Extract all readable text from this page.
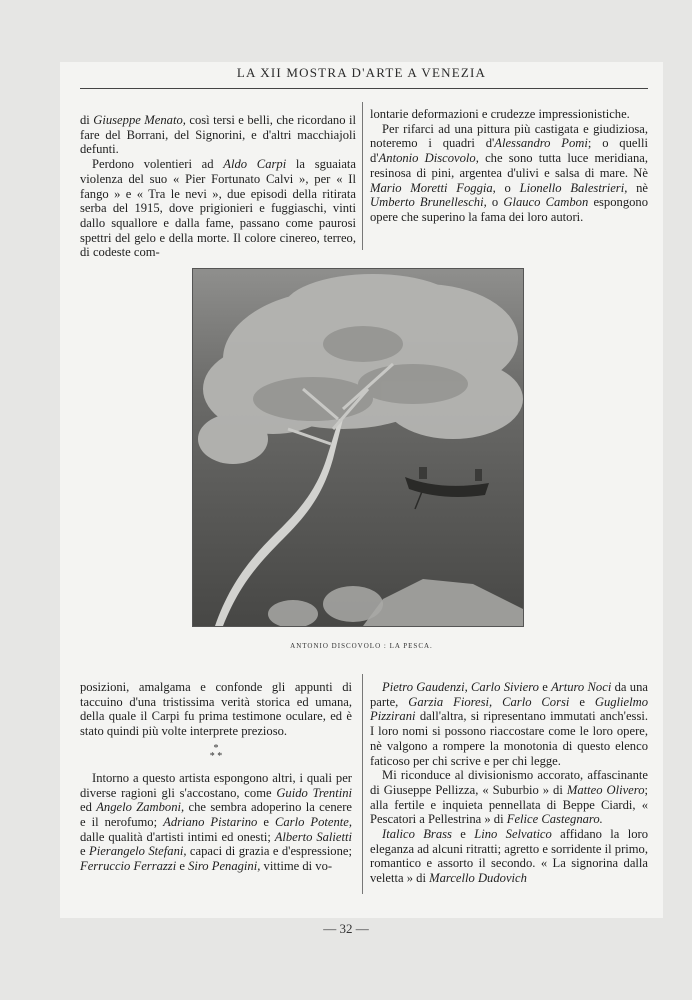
LA XII MOSTRA D'ARTE A VENEZIA

di Giuseppe Menato, così tersi e belli, che ricordano il fare del Borrani, del Signorini, e d'altri macchiajoli defunti.

Perdono volentieri ad Aldo Carpi la sguaiata violenza del suo « Pier Fortunato Calvi », per « Il fango » e « Tra le nevi », due episodi della ritirata serba del 1915, dove prigionieri e fuggiaschi, vinti dallo squallore e dalla fame, passano come paurosi spettri del gelo e della morte. Il colore cinereo, terreo, di codeste com-

lontarie deformazioni e crudezze impressionistiche.

Per rifarci ad una pittura più castigata e giudiziosa, noteremo i quadri d'Alessandro Pomi; o quelli d'Antonio Discovolo, che sono tutta luce meridiana, resinosa di pini, argentea d'ulivi e salsa di mare. Nè Mario Moretti Foggia, o Lionello Balestrieri, nè Umberto Brunelleschi, o Glauco Cambon espongono opere che superino la fama dei loro autori.

ANTONIO DISCOVOLO : LA PESCA.

posizioni, amalgama e confonde gli appunti di taccuino d'una tristissima verità storica ed umana, della quale il Carpi fu prima testimone oculare, ed è stato quindi più volte interprete prezioso.

*
* *

Intorno a questo artista espongono altri, i quali per diverse ragioni gli s'accostano, come Guido Trentini ed Angelo Zamboni, che sembra adoperino la cenere e il nerofumo; Adriano Pistarino e Carlo Potente, dalle qualità d'artisti intimi ed onesti; Alberto Salietti e Pierangelo Stefani, capaci di grazia e d'espressione; Ferruccio Ferrazzi e Siro Penagini, vittime di vo-

Pietro Gaudenzi, Carlo Siviero e Arturo Noci da una parte, Garzia Fioresi, Carlo Corsi e Guglielmo Pizzirani dall'altra, si ripresentano immutati anch'essi. I loro nomi si possono riaccostare come le loro opere, nè valgono a rompere la monotonia di questo elenco faticoso per chi scrive e per chi legge.

Mi riconduce al divisionismo accorato, affascinante di Giuseppe Pellizza, « Suburbio » di Matteo Olivero; alla fertile e inquieta pennellata di Beppe Ciardi, « Pescatori a Pellestrina » di Felice Castegnaro.

Italico Brass e Lino Selvatico affidano la loro eleganza ad alcuni ritratti; agretto e sorridente il primo, romantico e assorto il secondo. « La signorina dalla veletta » di Marcello Dudovich

— 32 —
